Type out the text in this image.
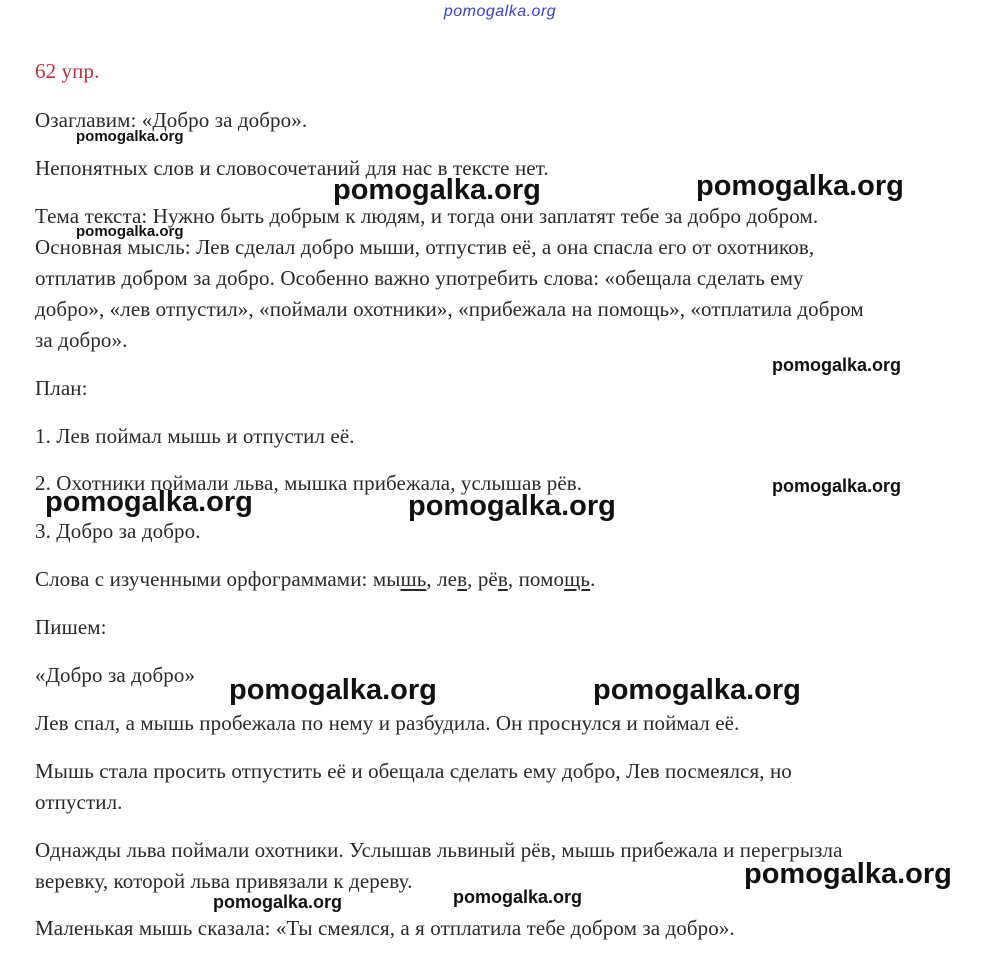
pomogalka.org
62 упр.
Озаглавим: «Добро за добро».
Непонятных слов и словосочетаний для нас в тексте нет.
Тема текста: Нужно быть добрым к людям, и тогда они заплатят тебе за добро добром.
Основная мысль: Лев сделал добро мыши, отпустив её, а она спасла его от охотников,
отплатив добром за добро. Особенно важно употребить слова: «обещала сделать ему
добро», «лев отпустил», «поймали охотники», «прибежала на помощь», «отплатила добром
за добро».
План:
1. Лев поймал мышь и отпустил её.
2. Охотники поймали льва, мышка прибежала, услышав рёв.
3. Добро за добро.
Слова с изученными орфограммами: мышь, лев, рёв, помощь.
Пишем:
«Добро за добро»
Лев спал, а мышь пробежала по нему и разбудила. Он проснулся и поймал её.
Мышь стала просить отпустить её и обещала сделать ему добро, Лев посмеялся, но
отпустил.
Однажды льва поймали охотники. Услышав львиный рёв, мышь прибежала и перегрызла
веревку, которой льва привязали к дереву.
Маленькая мышь сказала: «Ты смеялся, а я отплатила тебе добром за добро».
pomogalka.org
pomogalka.org	pomogalka.org
pomogalka.org
pomogalka.org
pomogalka.org
pomogalka.org	pomogalka.org
pomogalka.org	pomogalka.org
pomogalka.org
pomogalka.org
pomogalka.org
